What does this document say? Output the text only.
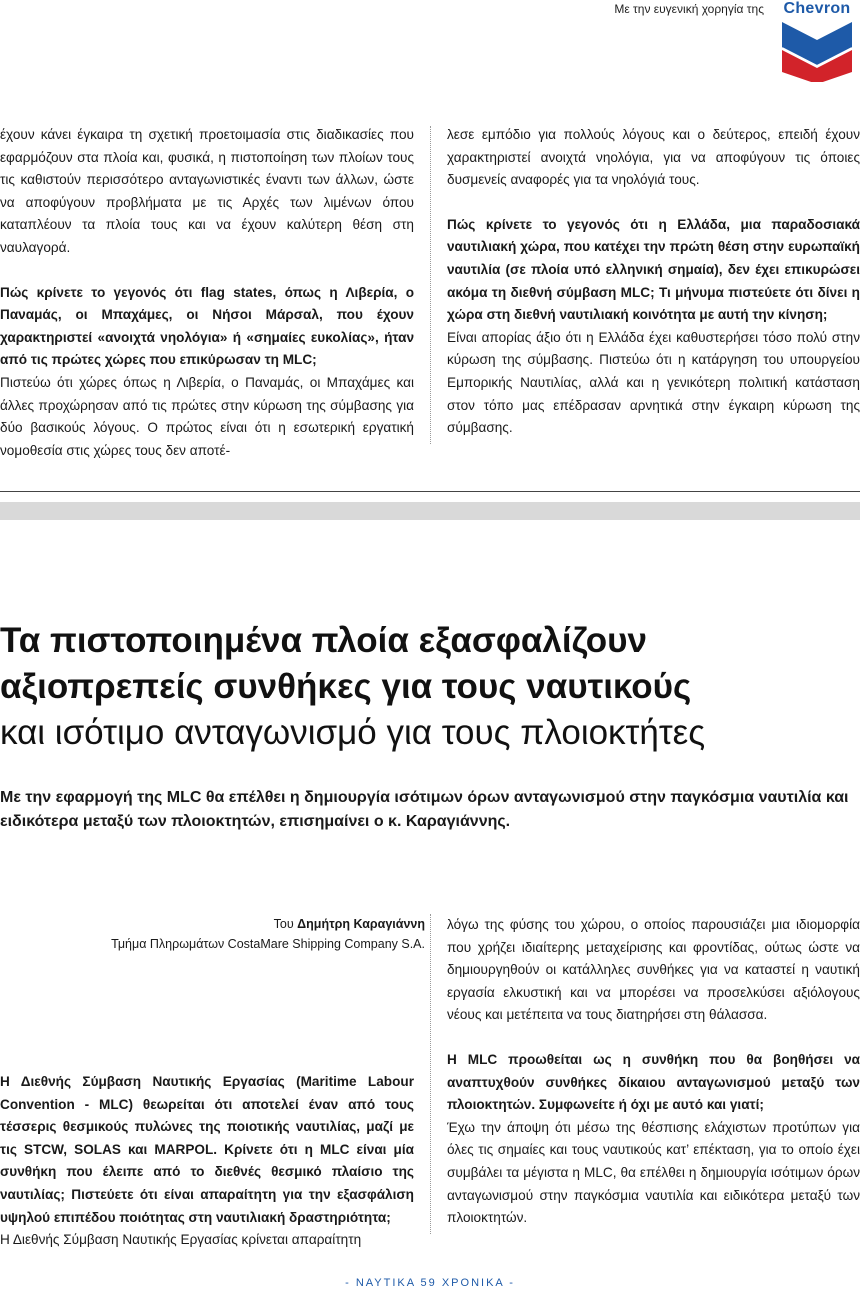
Με την ευγενική χορηγία της	Chevron

έχουν κάνει έγκαιρα τη σχετική προετοιμασία στις διαδικασίες που εφαρμόζουν στα πλοία και, φυσικά, η πιστοποίηση των πλοίων τους τις καθιστούν περισσότερο ανταγωνιστικές έναντι των άλλων, ώστε να αποφύγουν προβλήματα με τις Αρχές των λιμένων όπου καταπλέουν τα πλοία τους και να έχουν καλύτερη θέση στη ναυλαγορά.

Πώς κρίνετε το γεγονός ότι flag states, όπως η Λιβερία, ο Παναμάς, οι Μπαχάμες, οι Νήσοι Μάρσαλ, που έχουν χαρακτηριστεί «ανοιχτά νηολόγια» ή «σημαίες ευκολίας», ήταν από τις πρώτες χώρες που επικύρωσαν τη MLC;

Πιστεύω ότι χώρες όπως η Λιβερία, ο Παναμάς, οι Μπαχάμες και άλλες προχώρησαν από τις πρώτες στην κύρωση της σύμβασης για δύο βασικούς λόγους. Ο πρώτος είναι ότι η εσωτερική εργατική νομοθεσία στις χώρες τους δεν αποτέ-

λεσε εμπόδιο για πολλούς λόγους και ο δεύτερος, επειδή έχουν χαρακτηριστεί ανοιχτά νηολόγια, για να αποφύγουν τις όποιες δυσμενείς αναφορές για τα νηολόγιά τους.

Πώς κρίνετε το γεγονός ότι η Ελλάδα, μια παραδοσιακά ναυτιλιακή χώρα, που κατέχει την πρώτη θέση στην ευρωπαϊκή ναυτιλία (σε πλοία υπό ελληνική σημαία), δεν έχει επικυρώσει ακόμα τη διεθνή σύμβαση MLC; Τι μήνυμα πιστεύετε ότι δίνει η χώρα στη διεθνή ναυτιλιακή κοινότητα με αυτή την κίνηση;

Είναι απορίας άξιο ότι η Ελλάδα έχει καθυστερήσει τόσο πολύ στην κύρωση της σύμβασης. Πιστεύω ότι η κατάργηση του υπουργείου Εμπορικής Ναυτιλίας, αλλά και η γενικότερη πολιτική κατάσταση στον τόπο μας επέδρασαν αρνητικά στην έγκαιρη κύρωση της σύμβασης.

Τα πιστοποιημένα πλοία εξασφαλίζουν
αξιοπρεπείς συνθήκες για τους ναυτικούς
και ισότιμο ανταγωνισμό για τους πλοιοκτήτες
Με την εφαρμογή της MLC θα επέλθει η δημιουργία ισότιμων όρων ανταγωνισμού στην παγκόσμια ναυτιλία και ειδικότερα μεταξύ των πλοιοκτητών, επισημαίνει ο κ. Καραγιάννης.
Του Δημήτρη Καραγιάννη
Τμήμα Πληρωμάτων CostaMare Shipping Company S.A.

Η Διεθνής Σύμβαση Ναυτικής Εργασίας (Maritime Labour Convention - MLC) θεωρείται ότι αποτελεί έναν από τους τέσσερις θεσμικούς πυλώνες της ποιοτικής ναυτιλίας, μαζί με τις STCW, SOLAS και MARPOL. Κρίνετε ότι η MLC είναι μία συνθήκη που έλειπε από το διεθνές θεσμικό πλαίσιο της ναυτιλίας; Πιστεύετε ότι είναι απαραίτητη για την εξασφάλιση υψηλού επιπέδου ποιότητας στη ναυτιλιακή δραστηριότητα;

Η Διεθνής Σύμβαση Ναυτικής Εργασίας κρίνεται απαραίτητη

λόγω της φύσης του χώρου, ο οποίος παρουσιάζει μια ιδιομορφία που χρήζει ιδιαίτερης μεταχείρισης και φροντίδας, ούτως ώστε να δημιουργηθούν οι κατάλληλες συνθήκες για να καταστεί η ναυτική εργασία ελκυστική και να μπορέσει να προσελκύσει αξιόλογους νέους και μετέπειτα να τους διατηρήσει στη θάλασσα.

Η MLC προωθείται ως η συνθήκη που θα βοηθήσει να αναπτυχθούν συνθήκες δίκαιου ανταγωνισμού μεταξύ των πλοιοκτητών. Συμφωνείτε ή όχι με αυτό και γιατί;

Έχω την άποψη ότι μέσω της θέσπισης ελάχιστων προτύπων για όλες τις σημαίες και τους ναυτικούς κατ’ επέκταση, για το οποίο έχει συμβάλει τα μέγιστα η MLC, θα επέλθει η δημιουργία ισότιμων όρων ανταγωνισμού στην παγκόσμια ναυτιλία και ειδικότερα μεταξύ των πλοιοκτητών.

- ΝΑΥΤΙΚΑ 59 ΧΡΟΝΙΚΑ -
